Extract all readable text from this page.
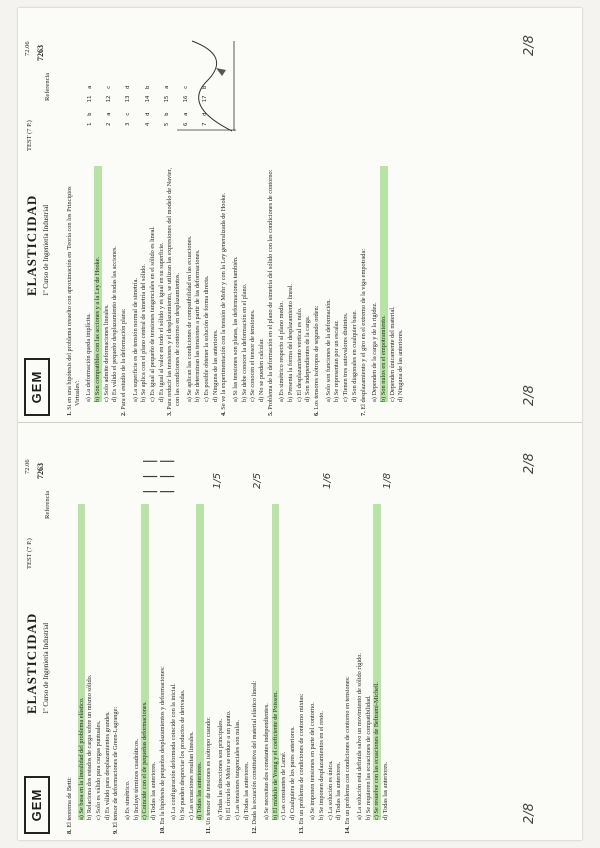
GEM
ELASTICIDAD 1º Curso de Ingeniería Industrial
TEST (7 P.)
Referencia
7263
72.06
1. Si en una hipótesis del problema resuelto con aproximación en 'Teoría con los Principios Virtuales': a) La deformación queda implícita. b) Son compatibles con las acciones y a la Ley de Hooke. c) Solo admite deformaciones lineales. d) Es válido el pequeño desplazamiento de todas las acciones.
2. Para el estudio de la deformación plana: a) La superficie es de tensión normal de simetría. b) Se aplica con el plano central de simetría del sólido. c) Es igual al pequeño de tensiones tangenciales en el sólido es lineal. d) Es igual al valor en todo el sólido y es igual en su superficie.
3. Para reducir las tensiones y el desplazamiento, se utilizan las expresiones del modelo de Navier, con las condiciones de contorno en desplazamientos. a) Se aplican las condiciones de compatibilidad en las ecuaciones. b) Se determinan las tensiones a partir de las deformaciones. c) Es posible obtener la solución de forma directa. d) Ninguna de las anteriores.
4. Se ve la experimentación con la tensión de Mohr y con la Ley generalizada de Hooke. a) Si las tensiones son planas, las deformaciones también. b) Se debe conocer la deformación en el plano. c) Se conocen el tensor de tensiones. d) No se pueden calcular.
5. Problema de la deformación en el plano de simetría del sólido con las condiciones de contorno: a) Es simétrico respecto al plano medio. b) Presenta la forma del desplazamiento lineal. c) El desplazamiento vertical es nulo. d) Son independientes de la carga.
6. Los tensores isótropos de segundo orden: a) Solo son funciones de la deformación. b) Se representan por un escalar. c) Tienen tres autovalores distintos. d) Son diagonales en cualquier base.
7. El desplazamiento y el giro en el extremo de la viga empotrada: a) Dependen de la carga y de la rigidez. b) Son nulos en el empotramiento. c) Dependen únicamente del material. d) Ninguna de las anteriores.

1  b   11  a

2  a   12  c

3  c   13  d

4  d   14  b

5  b   15  a

6  a   16  c

7  d   17  b

2/8
2/8
GEM
ELASTICIDAD 1º Curso de Ingeniería Industrial
TEST (7 P.)
Referencia
7263
72.06
8. El teorema de Betti: a) Se basa en la linealidad del problema elástico. b) Relaciona dos estados de carga sobre un mismo sólido. c) Solo es válido para cargas puntuales. d) Es válido para desplazamientos grandes.
9. El tensor de deformaciones de Green-Lagrange: a) Es simétrico. b) Incluye términos cuadráticos. c) Coincide con el de pequeñas deformaciones. d) Todas las anteriores.
10. En la hipótesis de pequeños desplazamientos y deformaciones: a) La configuración deformada coincide con la inicial. b) Se pueden despreciar los productos de derivadas. c) Las ecuaciones resultan lineales. d) Todas las anteriores.
11. Un tensor de tensiones es isótropo cuando: a) Todas las direcciones son principales. b) El círculo de Mohr se reduce a un punto. c) Las tensiones tangenciales son nulas. d) Todas las anteriores.
12. Dada la ecuación constitutiva del material elástico lineal: a) Se necesitan dos constantes independientes. b) El módulo de Young y el coeficiente de Poisson. c) Las constantes de Lamé. d) Cualquiera de los pares anteriores.
13. En un problema de condiciones de contorno mixtas: a) Se imponen tensiones en parte del contorno. b) Se imponen desplazamientos en el resto. c) La solución es única. d) Todas las anteriores.
14. En un problema con condiciones de contorno en tensiones: a) La solución está definida salvo un movimiento de sólido rígido. b) Se requieren las ecuaciones de compatibilidad. c) Se resuelve con las ecuaciones de Beltrami-Michell. d) Todas las anteriores.
| | | | | |	1/5	2/5	1/6	1/8
2/8
2/8
